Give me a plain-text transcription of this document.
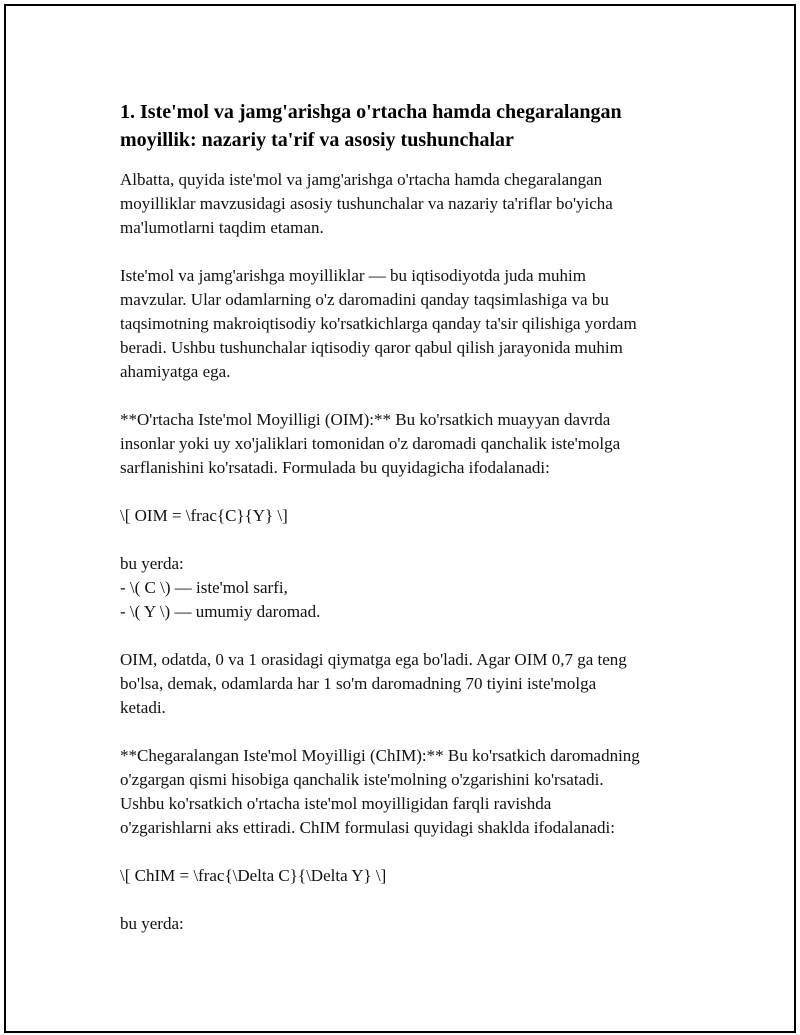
1. Iste'mol va jamg'arishga o'rtacha hamda chegaralangan
moyillik: nazariy ta'rif va asosiy tushunchalar

Albatta, quyida iste'mol va jamg'arishga o'rtacha hamda chegaralangan
moyilliklar mavzusidagi asosiy tushunchalar va nazariy ta'riflar bo'yicha
ma'lumotlarni taqdim etaman.

Iste'mol va jamg'arishga moyilliklar — bu iqtisodiyotda juda muhim
mavzular. Ular odamlarning o'z daromadini qanday taqsimlashiga va bu
taqsimotning makroiqtisodiy ko'rsatkichlarga qanday ta'sir qilishiga yordam
beradi. Ushbu tushunchalar iqtisodiy qaror qabul qilish jarayonida muhim
ahamiyatga ega.

**O'rtacha Iste'mol Moyilligi (OIM):** Bu ko'rsatkich muayyan davrda
insonlar yoki uy xo'jaliklari tomonidan o'z daromadi qanchalik iste'molga
sarflanishini ko'rsatadi. Formulada bu quyidagicha ifodalanadi:

\[ OIM = \frac{C}{Y} \]

bu yerda:
- \( C \) — iste'mol sarfi,
- \( Y \) — umumiy daromad.

OIM, odatda, 0 va 1 orasidagi qiymatga ega bo'ladi. Agar OIM 0,7 ga teng
bo'lsa, demak, odamlarda har 1 so'm daromadning 70 tiyini iste'molga
ketadi.

**Chegaralangan Iste'mol Moyilligi (ChIM):** Bu ko'rsatkich daromadning
o'zgargan qismi hisobiga qanchalik iste'molning o'zgarishini ko'rsatadi.
Ushbu ko'rsatkich o'rtacha iste'mol moyilligidan farqli ravishda
o'zgarishlarni aks ettiradi. ChIM formulasi quyidagi shaklda ifodalanadi:

\[ ChIM = \frac{\Delta C}{\Delta Y} \]

bu yerda:
